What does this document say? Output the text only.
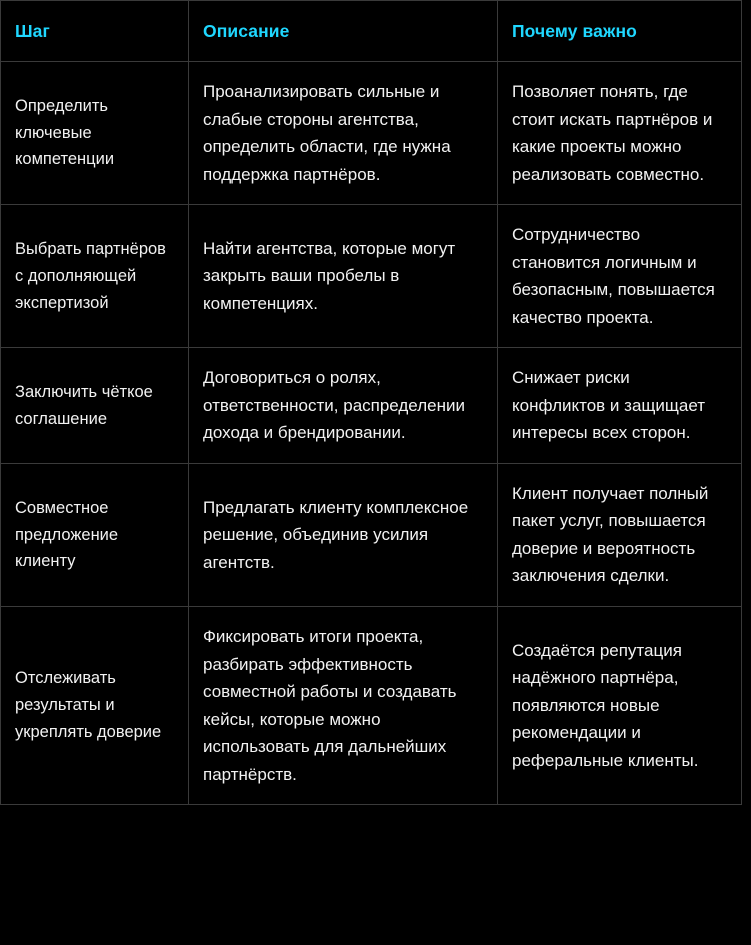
Шаг	Описание	Почему важно
Определить ключевые компетенции	Проанализировать сильные и слабые стороны агентства, определить области, где нужна поддержка партнёров.	Позволяет понять, где стоит искать партнёров и какие проекты можно реализовать совместно.
Выбрать партнёров с дополняющей экспертизой	Найти агентства, которые могут закрыть ваши пробелы в компетенциях.	Сотрудничество становится логичным и безопасным, повышается качество проекта.
Заключить чёткое соглашение	Договориться о ролях, ответственности, распределении дохода и брендировании.	Снижает риски конфликтов и защищает интересы всех сторон.
Совместное предложение клиенту	Предлагать клиенту комплексное решение, объединив усилия агентств.	Клиент получает полный пакет услуг, повышается доверие и вероятность заключения сделки.
Отслеживать результаты и укреплять доверие	Фиксировать итоги проекта, разбирать эффективность совместной работы и создавать кейсы, которые можно использовать для дальнейших партнёрств.	Создаётся репутация надёжного партнёра, появляются новые рекомендации и реферальные клиенты.
